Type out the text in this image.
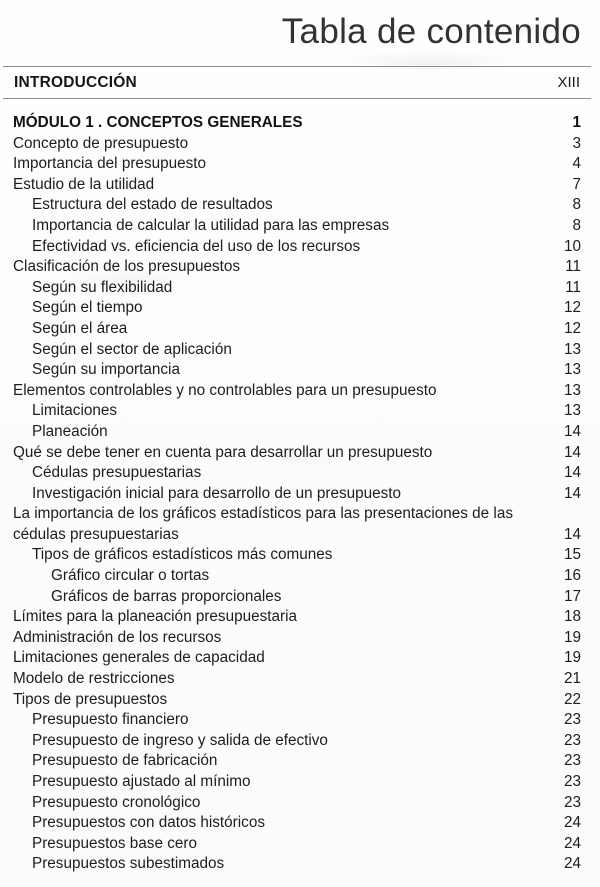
Tabla de contenido
INTRODUCCIÓN	XIII
MÓDULO 1 . CONCEPTOS GENERALES	1
Concepto de presupuesto	3
Importancia del presupuesto	4
Estudio de la utilidad	7
Estructura del estado de resultados	8
Importancia de calcular la utilidad para las empresas	8
Efectividad vs. eficiencia del uso de los recursos	10
Clasificación de los presupuestos	11
Según su flexibilidad	11
Según el tiempo	12
Según el área	12
Según el sector de aplicación	13
Según su importancia	13
Elementos controlables y no controlables para un presupuesto	13
Limitaciones	13
Planeación	14
Qué se debe tener en cuenta para desarrollar un presupuesto	14
Cédulas presupuestarias	14
Investigación inicial para desarrollo de un presupuesto	14
La importancia de los gráficos estadísticos para las presentaciones de las cédulas presupuestarias	14
Tipos de gráficos estadísticos más comunes	15
Gráfico circular o tortas	16
Gráficos de barras proporcionales	17
Límites para la planeación presupuestaria	18
Administración de los recursos	19
Limitaciones generales de capacidad	19
Modelo de restricciones	21
Tipos de presupuestos	22
Presupuesto financiero	23
Presupuesto de ingreso y salida de efectivo	23
Presupuesto de fabricación	23
Presupuesto ajustado al mínimo	23
Presupuesto cronológico	23
Presupuestos con datos históricos	24
Presupuestos base cero	24
Presupuestos subestimados	24
